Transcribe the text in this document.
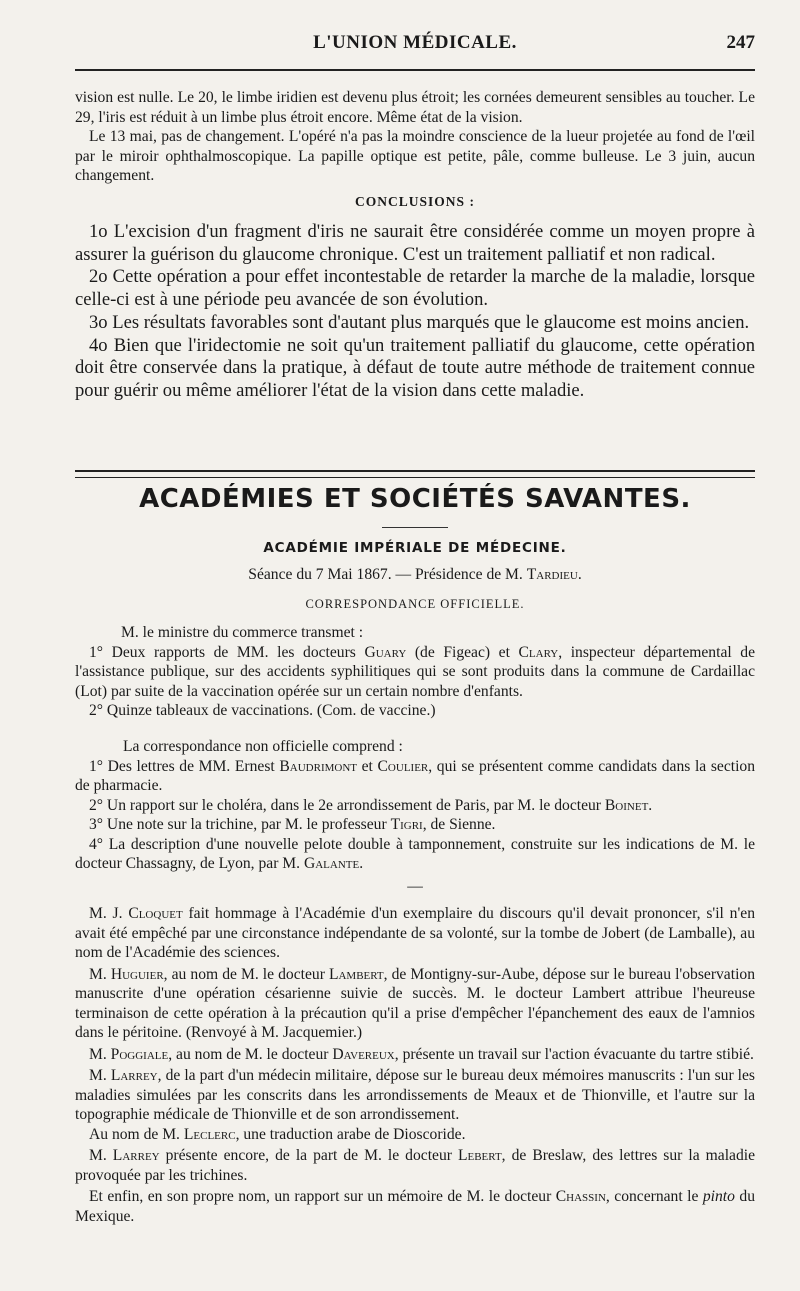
L'UNION MÉDICALE.	247

vision est nulle. Le 20, le limbe iridien est devenu plus étroit; les cornées demeurent sensibles au toucher. Le 29, l'iris est réduit à un limbe plus étroit encore. Même état de la vision.

Le 13 mai, pas de changement. L'opéré n'a pas la moindre conscience de la lueur projetée au fond de l'œil par le miroir ophthalmoscopique. La papille optique est petite, pâle, comme bulleuse. Le 3 juin, aucun changement.

CONCLUSIONS :

1o L'excision d'un fragment d'iris ne saurait être considérée comme un moyen propre à assurer la guérison du glaucome chronique. C'est un traitement palliatif et non radical.

2o Cette opération a pour effet incontestable de retarder la marche de la maladie, lorsque celle-ci est à une période peu avancée de son évolution.

3o Les résultats favorables sont d'autant plus marqués que le glaucome est moins ancien.

4o Bien que l'iridectomie ne soit qu'un traitement palliatif du glaucome, cette opération doit être conservée dans la pratique, à défaut de toute autre méthode de traitement connue pour guérir ou même améliorer l'état de la vision dans cette maladie.

ACADÉMIES ET SOCIÉTÉS SAVANTES.
ACADÉMIE IMPÉRIALE DE MÉDECINE.
Séance du 7 Mai 1867. — Présidence de M. Tardieu.
CORRESPONDANCE OFFICIELLE.

M. le ministre du commerce transmet :

1° Deux rapports de MM. les docteurs Guary (de Figeac) et Clary, inspecteur départemental de l'assistance publique, sur des accidents syphilitiques qui se sont produits dans la commune de Cardaillac (Lot) par suite de la vaccination opérée sur un certain nombre d'enfants.

2° Quinze tableaux de vaccinations. (Com. de vaccine.)

La correspondance non officielle comprend :

1° Des lettres de MM. Ernest Baudrimont et Coulier, qui se présentent comme candidats dans la section de pharmacie.

2° Un rapport sur le choléra, dans le 2e arrondissement de Paris, par M. le docteur Boinet.

3° Une note sur la trichine, par M. le professeur Tigri, de Sienne.

4° La description d'une nouvelle pelote double à tamponnement, construite sur les indications de M. le docteur Chassagny, de Lyon, par M. Galante.

—

M. J. Cloquet fait hommage à l'Académie d'un exemplaire du discours qu'il devait prononcer, s'il n'en avait été empêché par une circonstance indépendante de sa volonté, sur la tombe de Jobert (de Lamballe), au nom de l'Académie des sciences.

M. Huguier, au nom de M. le docteur Lambert, de Montigny-sur-Aube, dépose sur le bureau l'observation manuscrite d'une opération césarienne suivie de succès. M. le docteur Lambert attribue l'heureuse terminaison de cette opération à la précaution qu'il a prise d'empêcher l'épanchement des eaux de l'amnios dans le péritoine. (Renvoyé à M. Jacquemier.)

M. Poggiale, au nom de M. le docteur Davereux, présente un travail sur l'action évacuante du tartre stibié.

M. Larrey, de la part d'un médecin militaire, dépose sur le bureau deux mémoires manuscrits : l'un sur les maladies simulées par les conscrits dans les arrondissements de Meaux et de Thionville, et l'autre sur la topographie médicale de Thionville et de son arrondissement.

Au nom de M. Leclerc, une traduction arabe de Dioscoride.

M. Larrey présente encore, de la part de M. le docteur Lebert, de Breslaw, des lettres sur la maladie provoquée par les trichines.

Et enfin, en son propre nom, un rapport sur un mémoire de M. le docteur Chassin, concernant le pinto du Mexique.
